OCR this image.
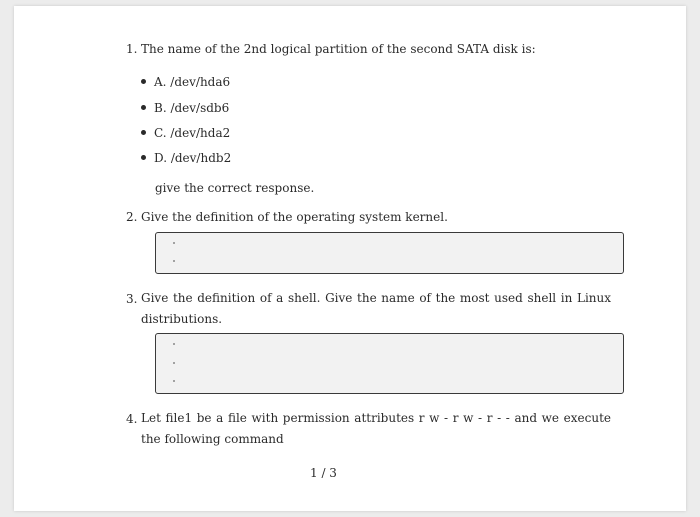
1. The name of the 2nd logical partition of the second SATA disk is:
A. /dev/hda6
B. /dev/sdb6
C. /dev/hda2
D. /dev/hdb2
give the correct response.
2. Give the definition of the operating system kernel.
3. Give the definition of a shell. Give the name of the most used shell in Linux distributions.
4. Let file1 be a file with permission attributes r w - r w - r - - and we execute the following command
1 / 3
